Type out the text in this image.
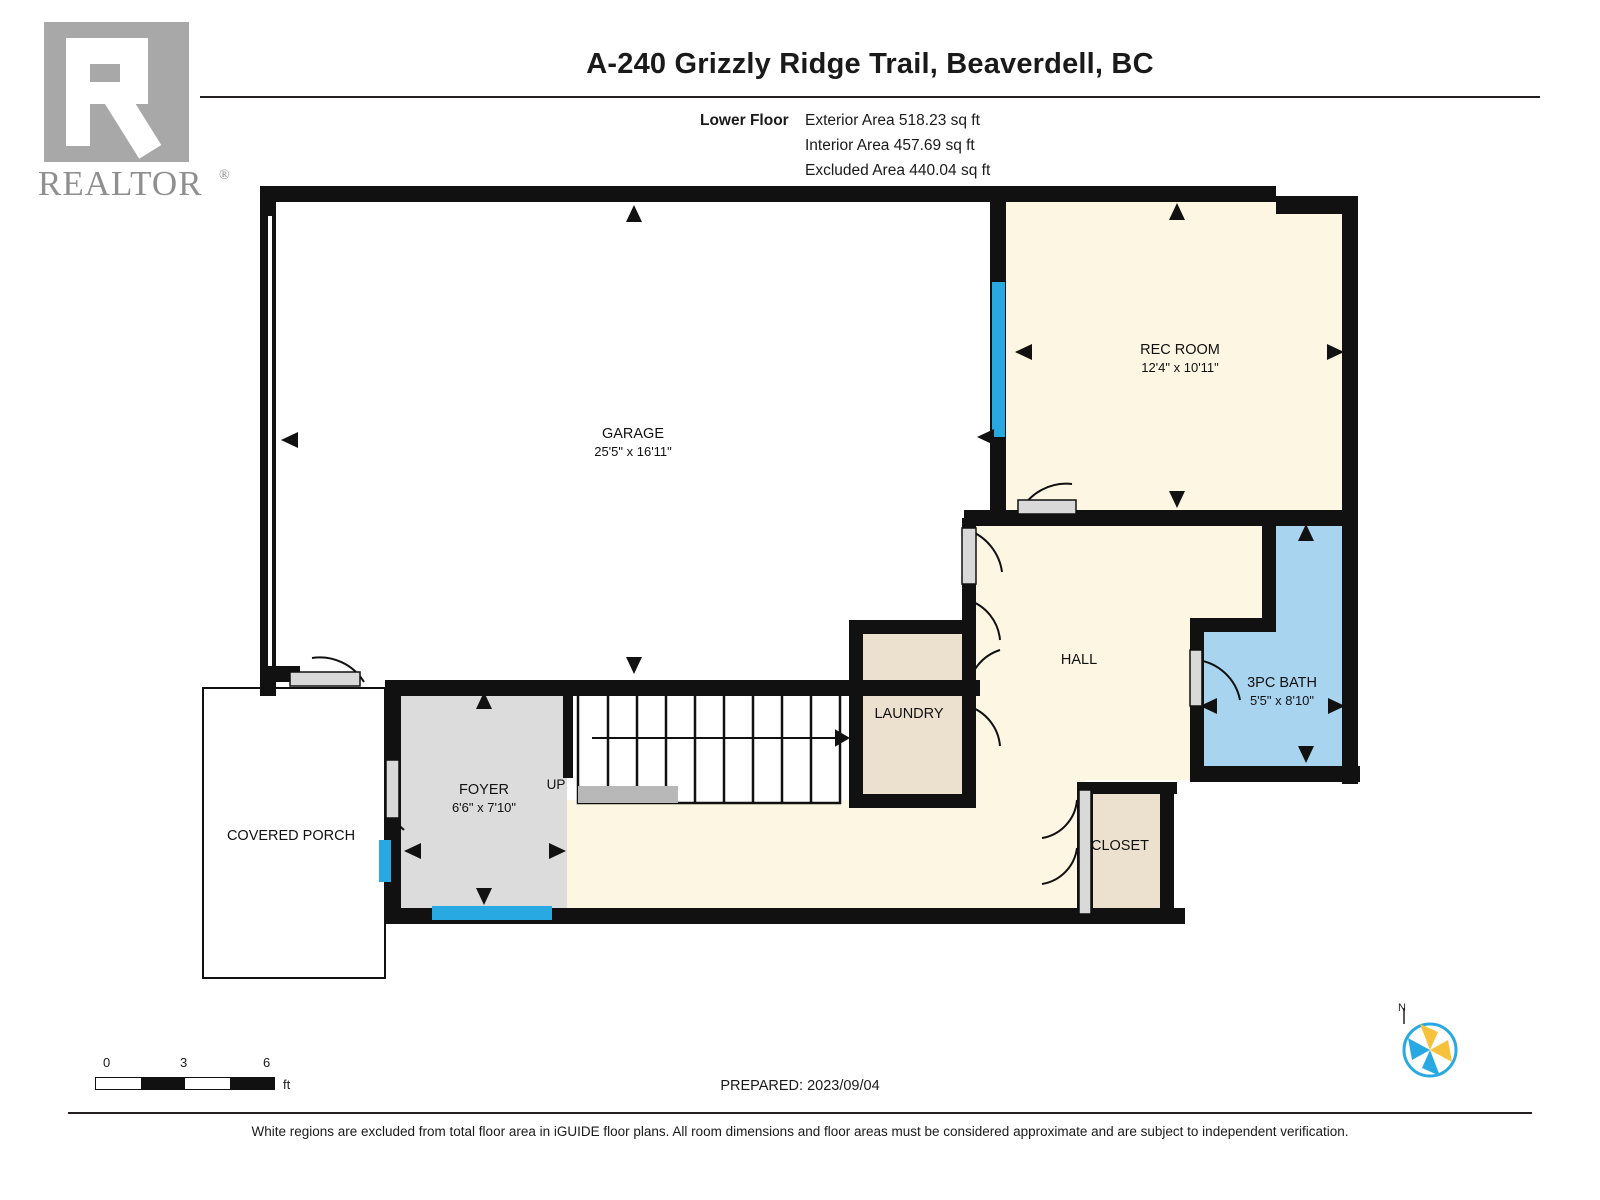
REALTOR ®
A-240 Grizzly Ridge Trail, Beaverdell, BC
Lower Floor Exterior Area 518.23 sq ft
Interior Area 457.69 sq ft
Excluded Area 440.04 sq ft
GARAGE
25'5" x 16'11"
REC ROOM
12'4" x 10'11"
HALL
3PC BATH
5'5" x 8'10"
LAUNDRY
CLOSET
FOYER
6'6" x 7'10"
COVERED PORCH
UP
PREPARED: 2023/09/04
0	3	6
ft
N
White regions are excluded from total floor area in iGUIDE floor plans. All room dimensions and floor areas must be considered approximate and are subject to independent verification.
